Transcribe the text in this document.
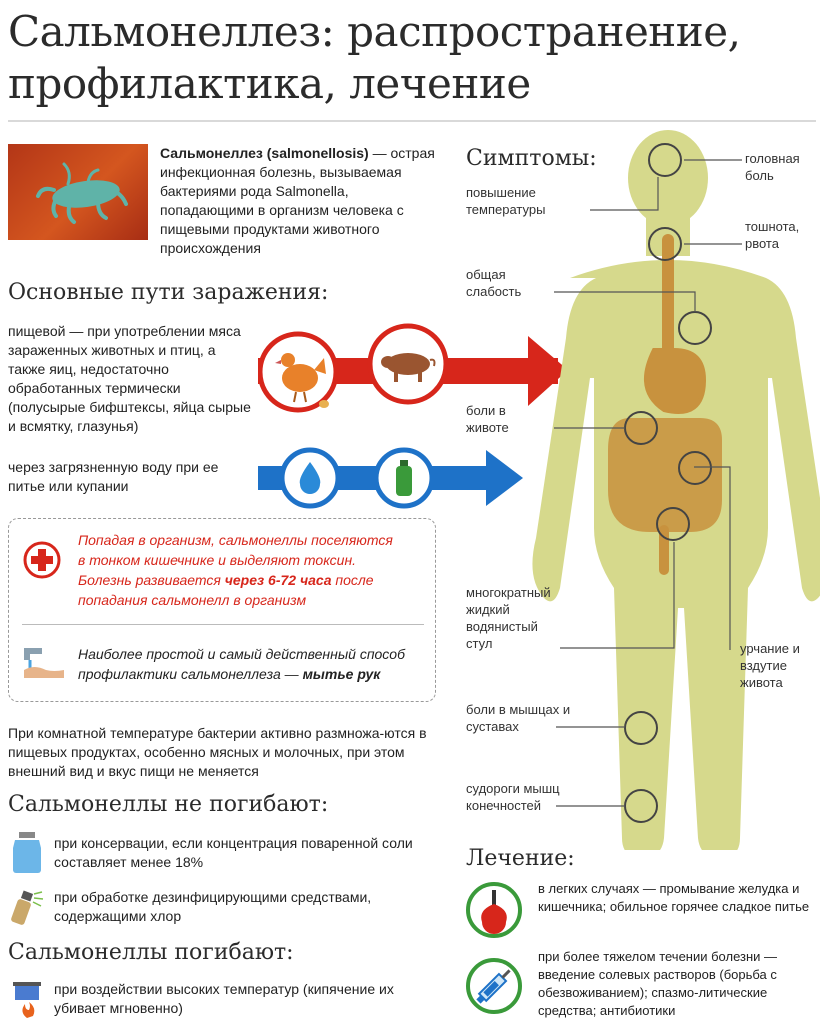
Сальмонеллез: распространение,
профилактика, лечение
Сальмонеллез (salmonellosis) — острая инфекционная болезнь, вызываемая бактериями рода Salmonella, попадающими в организм человека с пищевыми продуктами животного происхождения
Основные пути заражения:
пищевой — при употреблении мяса зараженных животных и птиц, а также яиц, недостаточно обработанных термически (полусырые бифштексы, яйца сырые и всмятку, глазунья)
через загрязненную воду при ее питье или купании
Попадая в организм, сальмонеллы поселяются
в тонком кишечнике и выделяют токсин.
Болезнь развивается через 6-72 часа после
попадания сальмонелл в организм
Наиболее простой и самый действенный способ
профилактики сальмонеллеза — мытье рук
При комнатной температуре бактерии активно размножа-ются в пищевых продуктах, особенно мясных и молочных, при этом внешний вид и вкус пищи не меняется
Сальмонеллы не погибают:
при консервации, если концентрация поваренной соли составляет менее 18%
при обработке дезинфицирующими средствами, содержащими хлор
Сальмонеллы погибают:
при воздействии высоких температур (кипячение их убивает мгновенно)
Симптомы:	головная боль
повышение температуры
тошнота, рвота
общая слабость
боли в животе
многократный жидкий водянистый стул	урчание и вздутие живота
боли в мышцах и суставах
судороги мышц конечностей
Лечение:
в легких случаях — промывание желудка и кишечника; обильное горячее сладкое питье
при более тяжелом течении болезни — введение солевых растворов (борьба с обезвоживанием); спазмо-литические средства; антибиотики
